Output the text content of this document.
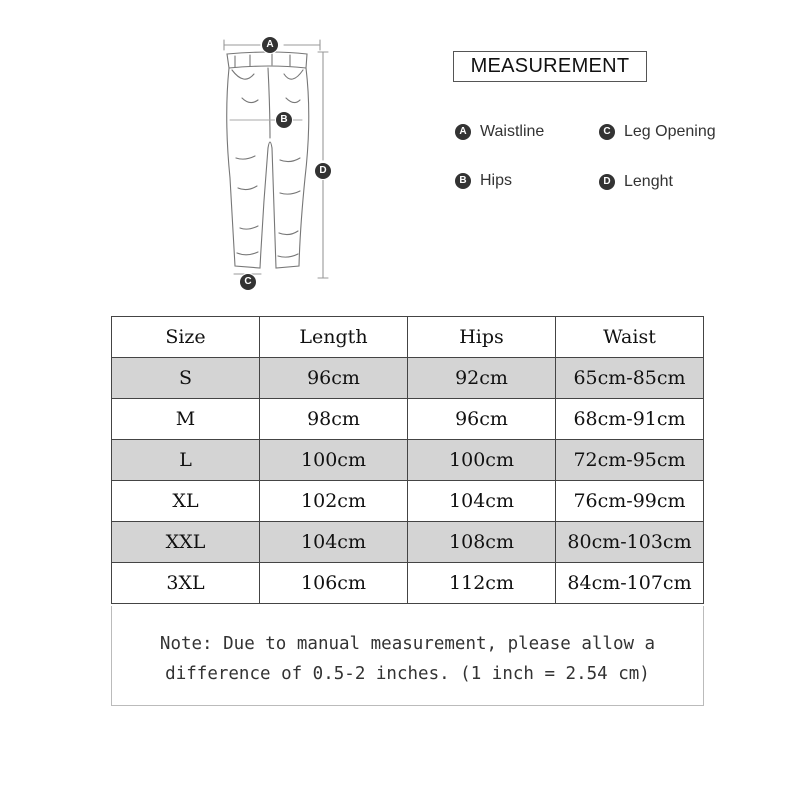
A
B
D
C
MEASUREMENT
A Waistline
B Hips
C Leg Opening
D Lenght
Size	Length	Hips	Waist
S	96cm	92cm	65cm-85cm
M	98cm	96cm	68cm-91cm
L	100cm	100cm	72cm-95cm
XL	102cm	104cm	76cm-99cm
XXL	104cm	108cm	80cm-103cm
3XL	106cm	112cm	84cm-107cm
Note: Due to manual measurement, please allow a
difference of 0.5-2 inches. (1 inch = 2.54 cm)
